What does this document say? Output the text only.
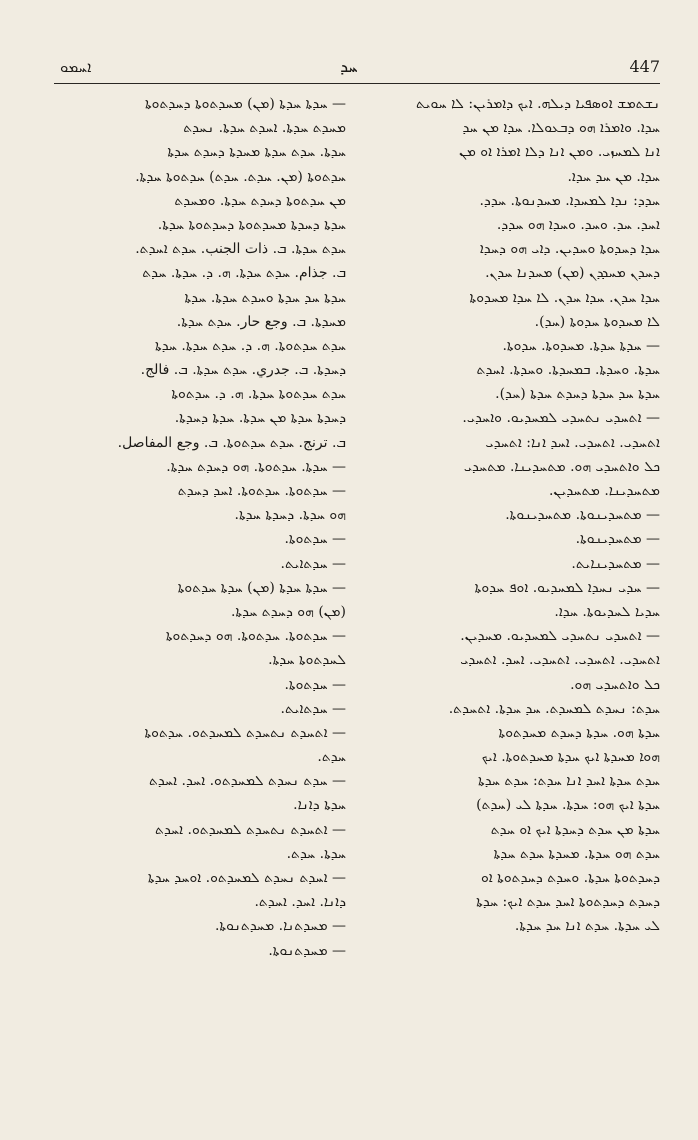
ܐܚܡܘ	ܚܕ	447
— ܚܕܬܐ ܚܕܬܐ (ܡܢ) ܡܚܕܬܘܬܐ ܕܚܕܬܘܬܐ
ܡܚܕܬ ܚܕܬܐ. ܐܚܕܬ ܚܕܬܐ. ܢܚܕܬ
ܚܕܬܐ. ܚܕܬ ܚܕܬܐ ܡܚܕܬܐ ܕܚܕܬ ܚܕܬܐ
ܚܕܬܘܬܐ (ܡܢ. ܚܕܬ. ܚܕܬ) ܚܕܬܘܬܐ ܚܕܬܐ.
ܡܢ ܚܕܬܘܬܐ ܕܚܕܬ ܚܕܬܐ. ܘܡܚܕܬ
ܚܕܬܐ ܕܚܕܬܐ ܡܚܕܬܘܬܐ ܕܚܕܬܘܬܐ ܚܕܬܐ.
ܚܕܬ ܚܕܬܐ. ܒ. ذات الجنب. ܚܕܬ ܐܚܕܬ.
ܒ. جذام. ܚܕܬ ܚܕܬܐ. ܗ. ܕ. ܚܕܬܐ. ܚܕܬ
ܚܕܬܐ ܚܕ ܚܕܬܐ ܘܚܕܬ ܚܕܬܐ. ܚܕܬܐ
ܡܚܕܬܐ. ܒ. وجع حار. ܚܕܬ ܚܕܬܐ.
ܚܕܬ ܚܕܬܘܬܐ. ܗ. ܕ. ܚܕܬ ܚܕܬܐ. ܚܕܬܐ
ܕܚܕܬܐ. ܒ. جدري. ܚܕܬ ܚܕܬܐ. ܒ. فالج.
ܚܕܬ ܚܕܬܘܬܐ ܚܕܬܐ. ܗ. ܕ. ܚܕܬܘܬܐ
ܕܚܕܬܐ ܚܕܬܐ ܡܢ ܚܕܬܐ. ܚܕܬܐ ܕܚܕܬܐ.
ܒ. ترنج. ܚܕܬ ܚܕܬܘܬܐ. ܒ. وجع المفاصل.
— ܚܕܬܐ. ܚܕܬܘܬܐ. ܗܘ ܕܚܕܬ ܚܕܬܐ.
— ܚܕܬܘܬܐ. ܚܕܬܘܬܐ. ܐܚܕ ܕܚܕܬ
ܗܘ ܚܕܬܐ. ܕܚܕܬܐ ܚܕܬܐ.
— ܚܕܬܘܬܐ.
— ܚܕܬܐܝܬ.
— ܚܕܬܐ ܚܕܬܐ (ܡܢ) ܚܕܬܐ ܚܕܬܘܬܐ
(ܡܢ) ܗܘ ܕܚܕܬ ܚܕܬܐ.
— ܚܕܬܘܬܐ. ܚܕܬܘܬܐ. ܗܘ ܕܚܕܬܘܬܐ
ܠܚܕܬܘܬܐ ܚܕܬܐ.
— ܚܕܬܘܬܐ.
— ܚܕܬܐܝܬ.
— ܐܬܚܕܬ ܢܬܚܕܬ ܠܡܚܕܬܘ. ܚܕܬܘܬܐ
ܚܕܬ.
— ܚܕܬ ܢܚܕܬ ܠܡܚܕܬܘ. ܐܚܕ. ܐܚܕܬ
ܚܕܬܐ ܕܐܢܐ.
— ܐܬܚܕܬ ܢܬܚܕܬ ܠܡܚܕܬܘ. ܐܚܕܬ
ܚܕܬܐ. ܚܕܬ.
— ܐܚܕܬ ܢܚܕܬ ܠܡܚܕܬܘ. ܐܘܚܕ ܚܕܬܐ
ܕܐܢܐ. ܐܚܕ. ܐܚܕܬ.
— ܡܚܕܬܢܐ. ܡܚܕܬܢܘܬܐ.
— ܡܚܕܬܢܘܬܐ.
ܢܫܬܡܫ ܐܘܣܦܝܐ ܕܝܠܗ. ܐܝܟ ܕܐܡܪܝܢ: ܠܐ ܚܘܝܬ
ܚܕܐ. ܘܐܡܪܐ ܗܘ ܕܒܥܘܠܐ. ܚܕܐ ܡܢ ܚܕ
ܐܢܐ ܠܡܚܙܝ. ܘܡܢ ܐܢܐ ܕܠܐ ܐܡܪܐ ܐܘ ܡܢ
ܚܕܐ. ܡܢ ܚܕ ܚܕܐ.
ܚܕܕ: ܢܕܐ ܠܡܚܕܐ. ܡܚܕܢܘܬܐ. ܚܕܕ.
ܐܚܕ. ܚܕ. ܘܚܕ. ܘܚܕܐ ܗܘ ܚܕܕ.
ܚܕܐ ܕܚܕܘܬܐ ܘܚܕܝܢ. ܕܐܝ ܗܘ ܕܚܕܐ
ܕܚܕܢ ܡܚܕܕܢ (ܡܢ) ܡܚܕܢܐ ܚܕܢ.
ܚܕܐ ܚܕܢ. ܚܕܐ ܚܕܢ. ܠܐ ܚܕܐ ܡܚܕܘܬܐ
ܠܐ ܡܚܕܘܬܐ ܚܕܘܬܐ (ܚܕ).
— ܚܕܬܐ ܚܕܬܐ. ܡܚܕܘܬܐ. ܚܕܘܬܐ.
ܚܕܬܐ. ܘܚܕܬܐ. ܒܡܚܕܬܐ. ܘܚܕܬܐ. ܐܚܕܬ
ܚܕܬܐ ܚܕ ܚܕܬܐ ܕܚܕܬ ܚܕܬܐ (ܚܕ).
— ܐܬܚܕܝ ܢܬܚܕܝ ܠܡܚܕܝܘ. ܘܐܚܕܝ.
ܐܬܚܕܝ. ܐܬܚܕܝ. ܐܚܕ ܐܢܐ: ܐܬܚܕܝ
ܟܠ ܘܐܬܚܕܝ ܗܘ. ܡܬܚܕܝܢܐ. ܡܬܚܕܝ
ܡܬܚܕܝܢܐ. ܡܬܚܕܝܢ.
— ܡܬܚܕܝܢܘܬܐ. ܡܬܚܕܝܢܘܬܐ.
— ܡܬܚܕܝܢܘܬܐ.
— ܡܬܚܕܝܢܐܝܬ.
— ܚܕܝ ܢܚܕܐ ܠܡܚܕܝܘ. ܐܘܦ ܚܕܘܬܐ
ܚܕܝܐ ܠܚܕܝܘܬܐ. ܚܕܐ.
— ܐܬܚܕܝ ܢܬܚܕܝ ܠܡܚܕܝܘ. ܡܚܕܝܢ.
ܐܬܚܕܝ. ܐܬܚܕܝ. ܐܬܚܕܝ. ܐܚܕ. ܐܬܚܕܝ
ܟܠ ܘܐܬܚܕܝ ܗܘ.
ܚܕܬ: ܢܚܕܬ ܠܡܚܕܬ. ܚܕ ܚܕܬܐ. ܐܬܚܕܬ.
ܚܕܬܐ ܗܘ. ܚܕܬܐ ܕܚܕܬ ܡܚܕܬܘܬܐ
ܗܘܐ ܡܚܕܬܐ ܐܝܟ ܚܕܬܐ ܡܚܕܬܘܬܐ. ܐܝܟ
ܚܕܬ ܚܕܬܐ ܐܚܕ ܐܢܐ ܚܕܬ: ܚܕܬ ܚܕܬܐ
ܚܕܬܐ ܐܝܟ ܗܘ: ܚܕܬܐ. ܚܕܬܐ ܠܝ (ܚܕܬ)
ܚܕܬܐ ܡܢ ܚܕܬ ܕܚܕܬܐ ܐܝܟ ܐܘ ܚܕܬ
ܚܕܬ ܗܘ ܚܕܬܐ. ܡܚܕܬܐ ܚܕܬ ܚܕܬܐ
ܕܚܕܬܘܬܐ ܚܕܬܐ. ܘܚܕܬ ܕܚܕܬܘܬܐ ܐܘ
ܕܚܕܬ ܕܚܕܬܘܬܐ ܐܚܕ ܚܕܬ ܐܝܟ: ܚܕܬܐ
ܠܝ ܚܕܬܐ. ܚܕܬ ܐܢܐ ܚܕ ܚܕܬܐ.
